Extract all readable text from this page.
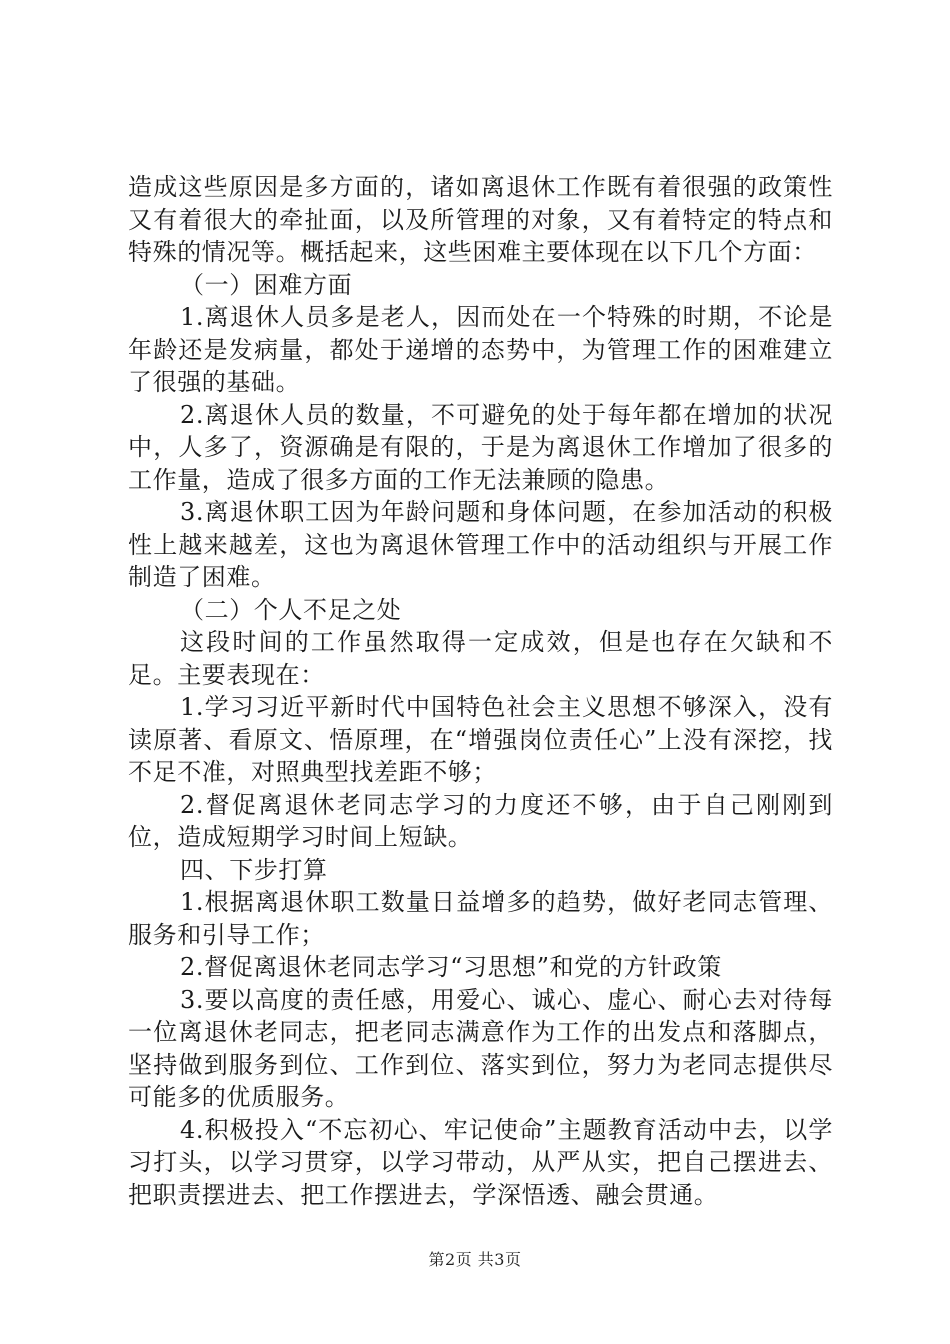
造成这些原因是多方面的，诸如离退休工作既有着很强的政策性又有着很大的牵扯面，以及所管理的对象，又有着特定的特点和特殊的情况等。概括起来，这些困难主要体现在以下几个方面：

（一）困难方面

1.离退休人员多是老人，因而处在一个特殊的时期，不论是年龄还是发病量，都处于递增的态势中，为管理工作的困难建立了很强的基础。

2.离退休人员的数量，不可避免的处于每年都在增加的状况中，人多了，资源确是有限的，于是为离退休工作增加了很多的工作量，造成了很多方面的工作无法兼顾的隐患。

3.离退休职工因为年龄问题和身体问题，在参加活动的积极性上越来越差，这也为离退休管理工作中的活动组织与开展工作制造了困难。

（二）个人不足之处

这段时间的工作虽然取得一定成效，但是也存在欠缺和不足。主要表现在：

1.学习习近平新时代中国特色社会主义思想不够深入，没有读原著、看原文、悟原理，在“增强岗位责任心”上没有深挖，找不足不准，对照典型找差距不够；

2.督促离退休老同志学习的力度还不够，由于自己刚刚到位，造成短期学习时间上短缺。

四、下步打算

1.根据离退休职工数量日益增多的趋势，做好老同志管理、服务和引导工作；

2.督促离退休老同志学习“习思想”和党的方针政策

3.要以高度的责任感，用爱心、诚心、虚心、耐心去对待每一位离退休老同志，把老同志满意作为工作的出发点和落脚点，坚持做到服务到位、工作到位、落实到位，努力为老同志提供尽可能多的优质服务。

4.积极投入“不忘初心、牢记使命”主题教育活动中去，以学习打头，以学习贯穿，以学习带动，从严从实，把自己摆进去、把职责摆进去、把工作摆进去，学深悟透、融会贯通。

第2页 共3页
